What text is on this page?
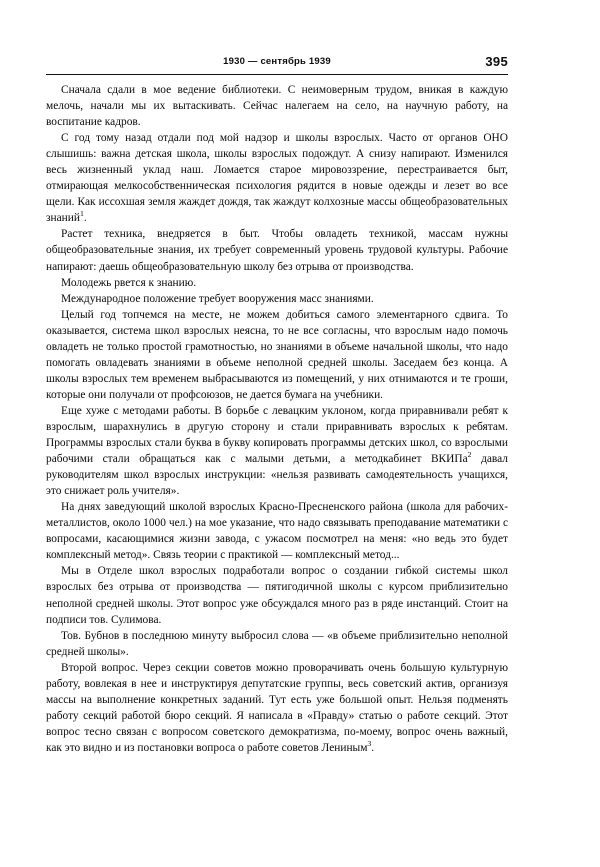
1930 — сентябрь 1939	395

Сначала сдали в мое ведение библиотеки. С неимоверным трудом, вникая в каждую мелочь, начали мы их вытаскивать. Сейчас налегаем на село, на научную работу, на воспитание кадров.

С год тому назад отдали под мой надзор и школы взрослых. Часто от органов ОНО слышишь: важна детская школа, школы взрослых подождут. А снизу напирают. Изменился весь жизненный уклад наш. Ломается старое мировоззрение, перестраивается быт, отмирающая мелкособственническая психология рядится в новые одежды и лезет во все щели. Как иссохшая земля жаждет дождя, так жаждут колхозные массы общеобразовательных знаний$^1$.

Растет техника, внедряется в быт. Чтобы овладеть техникой, массам нужны общеобразовательные знания, их требует современный уровень трудовой культуры. Рабочие напирают: даешь общеобразовательную школу без отрыва от производства.

Молодежь рвется к знанию.

Международное положение требует вооружения масс знаниями.

Целый год топчемся на месте, не можем добиться самого элементарного сдвига. То оказывается, система школ взрослых неясна, то не все согласны, что взрослым надо помочь овладеть не только простой грамотностью, но знаниями в объеме начальной школы, что надо помогать овладевать знаниями в объеме неполной средней школы. Заседаем без конца. А школы взрослых тем временем выбрасываются из помещений, у них отнимаются и те гроши, которые они получали от профсоюзов, не дается бумага на учебники.

Еще хуже с методами работы. В борьбе с левацким уклоном, когда приравнивали ребят к взрослым, шарахнулись в другую сторону и стали приравнивать взрослых к ребятам. Программы взрослых стали буква в букву копировать программы детских школ, со взрослыми рабочими стали обращаться как с малыми детьми, а методкабинет ВКИПа$^2$ давал руководителям школ взрослых инструкции: «нельзя развивать самодеятельность учащихся, это снижает роль учителя».

На днях заведующий школой взрослых Красно-Пресненского района (школа для рабочих-металлистов, около 1000 чел.) на мое указание, что надо связывать преподавание математики с вопросами, касающимися жизни завода, с ужасом посмотрел на меня: «но ведь это будет комплексный метод». Связь теории с практикой — комплексный метод...

Мы в Отделе школ взрослых подработали вопрос о создании гибкой системы школ взрослых без отрыва от производства — пятигодичной школы с курсом приблизительно неполной средней школы. Этот вопрос уже обсуждался много раз в ряде инстанций. Стоит на подписи тов. Сулимова.

Тов. Бубнов в последнюю минуту выбросил слова — «в объеме приблизительно неполной средней школы».

Второй вопрос. Через секции советов можно проворачивать очень большую культурную работу, вовлекая в нее и инструктируя депутатские группы, весь советский актив, организуя массы на выполнение конкретных заданий. Тут есть уже большой опыт. Нельзя подменять работу секций работой бюро секций. Я написала в «Правду» статью о работе секций. Этот вопрос тесно связан с вопросом советского демократизма, по-моему, вопрос очень важный, как это видно и из постановки вопроса о работе советов Лениным$^3$.
